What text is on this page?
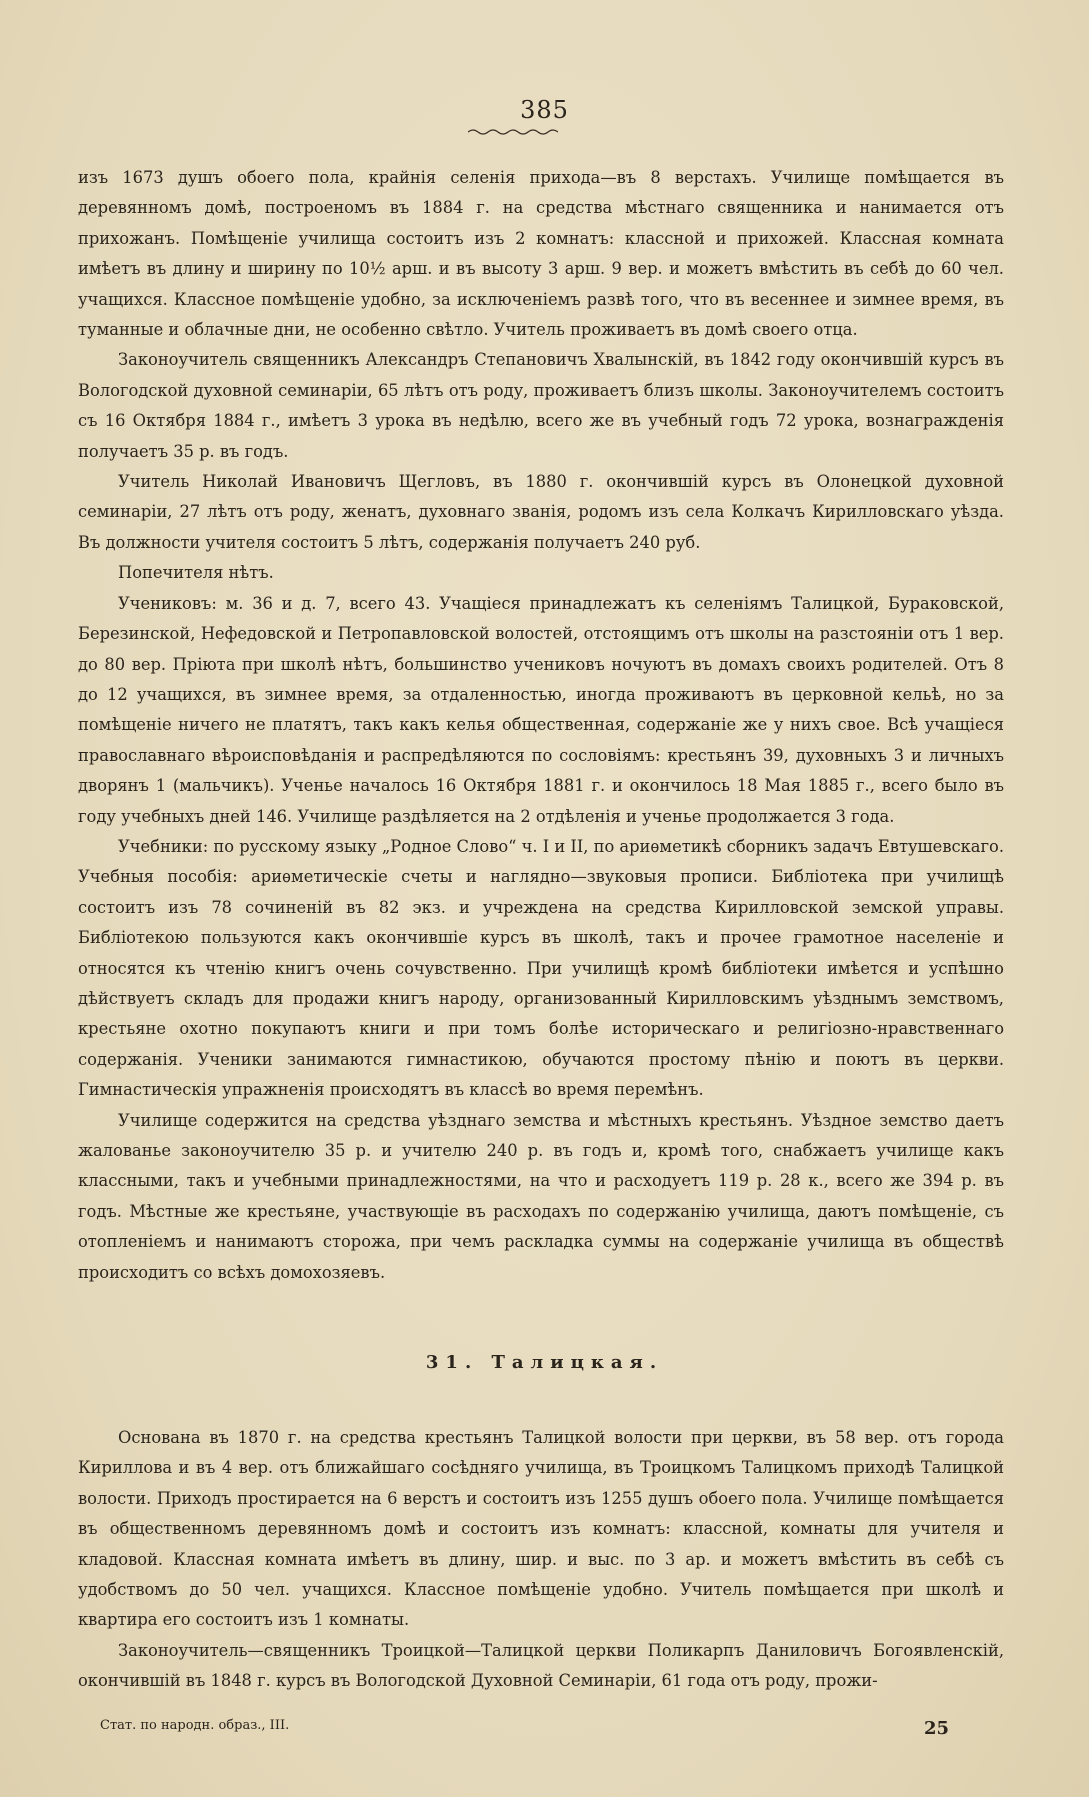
385

изъ 1673 душъ обоего пола, крайнія селенія прихода—въ 8 верстахъ. Училище помѣщается въ деревянномъ домѣ, построеномъ въ 1884 г. на средства мѣстнаго священника и нанимается отъ прихожанъ. Помѣщеніе училища состоитъ изъ 2 комнатъ: классной и прихожей. Классная комната имѣетъ въ длину и ширину по 10½ арш. и въ высоту 3 арш. 9 вер. и можетъ вмѣстить въ себѣ до 60 чел. учащихся. Классное помѣщеніе удобно, за исключеніемъ развѣ того, что въ весеннее и зимнее время, въ туманные и облачные дни, не особенно свѣтло. Учитель проживаетъ въ домѣ своего отца.

Законоучитель священникъ Александръ Степановичъ Хвалынскій, въ 1842 году окончившій курсъ въ Вологодской духовной семинаріи, 65 лѣтъ отъ роду, проживаетъ близъ школы. Законоучителемъ состоитъ съ 16 Октября 1884 г., имѣетъ 3 урока въ недѣлю, всего же въ учебный годъ 72 урока, вознагражденія получаетъ 35 р. въ годъ.

Учитель Николай Ивановичъ Щегловъ, въ 1880 г. окончившій курсъ въ Олонецкой духовной семинаріи, 27 лѣтъ отъ роду, женатъ, духовнаго званія, родомъ изъ села Колкачъ Кирилловскаго уѣзда. Въ должности учителя состоитъ 5 лѣтъ, содержанія получаетъ 240 руб.

Попечителя нѣтъ.

Учениковъ: м. 36 и д. 7, всего 43. Учащіеся принадлежатъ къ селеніямъ Талицкой, Бураковской, Березинской, Нефедовской и Петропавловской волостей, отстоящимъ отъ школы на разстояніи отъ 1 вер. до 80 вер. Пріюта при школѣ нѣтъ, большинство учениковъ ночуютъ въ домахъ своихъ родителей. Отъ 8 до 12 учащихся, въ зимнее время, за отдаленностью, иногда проживаютъ въ церковной кельѣ, но за помѣщеніе ничего не платятъ, такъ какъ келья общественная, содержаніе же у нихъ свое. Всѣ учащіеся православнаго вѣроисповѣданія и распредѣляются по сословіямъ: крестьянъ 39, духовныхъ 3 и личныхъ дворянъ 1 (мальчикъ). Ученье началось 16 Октября 1881 г. и окончилось 18 Мая 1885 г., всего было въ году учебныхъ дней 146. Училище раздѣляется на 2 отдѣленія и ученье продолжается 3 года.

Учебники: по русскому языку „Родное Слово“ ч. I и II, по ариѳметикѣ сборникъ задачъ Евтушевскаго. Учебныя пособія: ариѳметическіе счеты и наглядно—звуковыя прописи. Библіотека при училищѣ состоитъ изъ 78 сочиненій въ 82 экз. и учреждена на средства Кирилловской земской управы. Библіотекою пользуются какъ окончившіе курсъ въ школѣ, такъ и прочее грамотное населеніе и относятся къ чтенію книгъ очень сочувственно. При училищѣ кромѣ библіотеки имѣется и успѣшно дѣйствуетъ складъ для продажи книгъ народу, организованный Кирилловскимъ уѣзднымъ земствомъ, крестьяне охотно покупаютъ книги и при томъ болѣе историческаго и религіозно-нравственнаго содержанія. Ученики занимаются гимнастикою, обучаются простому пѣнію и поютъ въ церкви. Гимнастическія упражненія происходятъ въ классѣ во время перемѣнъ.

Училище содержится на средства уѣзднаго земства и мѣстныхъ крестьянъ. Уѣздное земство даетъ жалованье законоучителю 35 р. и учителю 240 р. въ годъ и, кромѣ того, снабжаетъ училище какъ классными, такъ и учебными принадлежностями, на что и расходуетъ 119 р. 28 к., всего же 394 р. въ годъ. Мѣстные же крестьяне, участвующіе въ расходахъ по содержанію училища, даютъ помѣщеніе, съ отопленіемъ и нанимаютъ сторожа, при чемъ раскладка суммы на содержаніе училища въ обществѣ происходитъ со всѣхъ домохозяевъ.

31. Талицкая.

Основана въ 1870 г. на средства крестьянъ Талицкой волости при церкви, въ 58 вер. отъ города Кириллова и въ 4 вер. отъ ближайшаго сосѣдняго училища, въ Троицкомъ Талицкомъ приходѣ Талицкой волости. Приходъ простирается на 6 верстъ и состоитъ изъ 1255 душъ обоего пола. Училище помѣщается въ общественномъ деревянномъ домѣ и состоитъ изъ комнатъ: классной, комнаты для учителя и кладовой. Классная комната имѣетъ въ длину, шир. и выс. по 3 ар. и можетъ вмѣстить въ себѣ съ удобствомъ до 50 чел. учащихся. Классное помѣщеніе удобно. Учитель помѣщается при школѣ и квартира его состоитъ изъ 1 комнаты.

Законоучитель—священникъ Троицкой—Талицкой церкви Поликарпъ Даниловичъ Богоявленскій, окончившій въ 1848 г. курсъ въ Вологодской Духовной Семинаріи, 61 года отъ роду, прожи-

Стат. по народн. образ., III.	25
